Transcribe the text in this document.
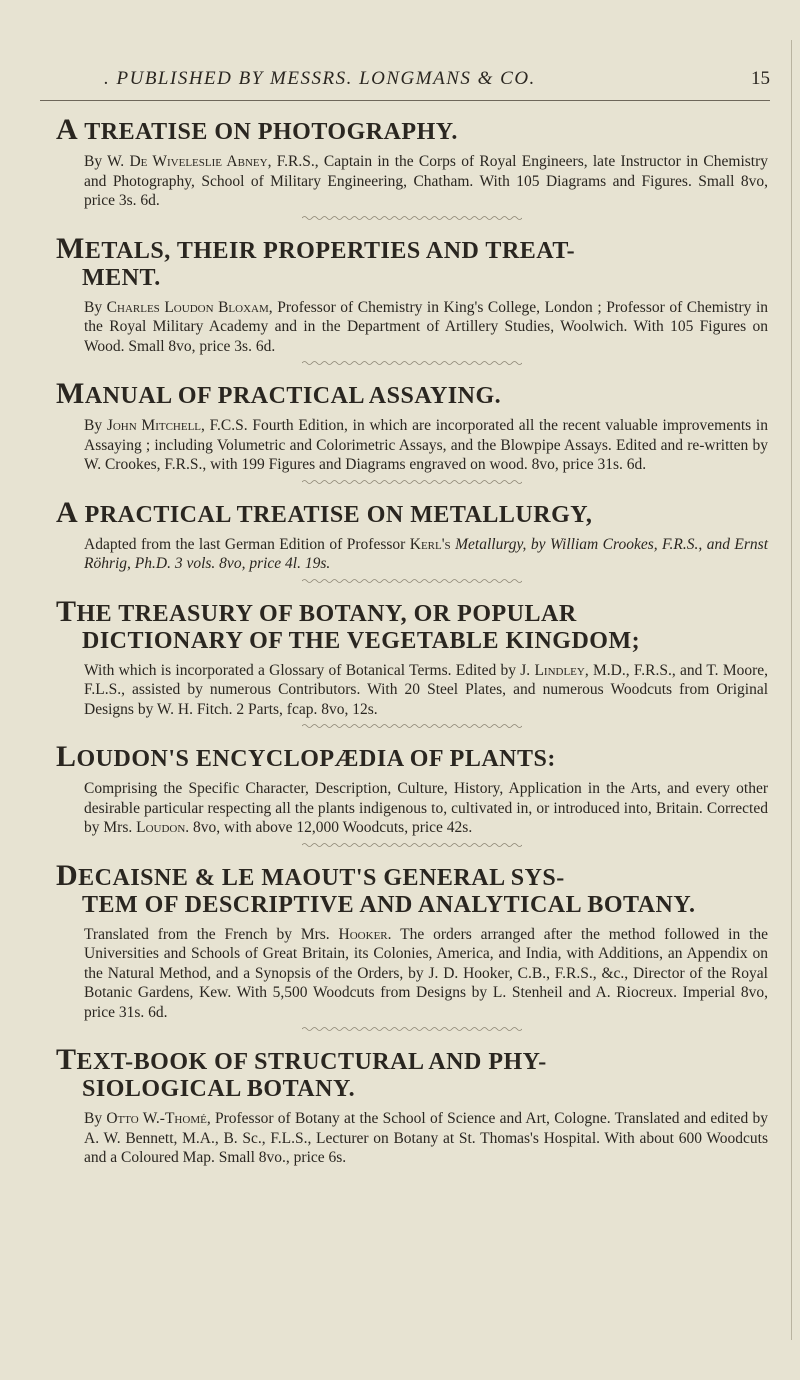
. PUBLISHED BY MESSRS. LONGMANS & CO.	15
A TREATISE ON PHOTOGRAPHY.

By W. De Wiveleslie Abney, F.R.S., Captain in the Corps of Royal Engineers, late Instructor in Chemistry and Photography, School of Military Engineering, Chatham. With 105 Diagrams and Figures. Small 8vo, price 3s. 6d.

METALS, THEIR PROPERTIES AND TREAT-
MENT.

By Charles Loudon Bloxam, Professor of Chemistry in King's College, London ; Professor of Chemistry in the Royal Military Academy and in the Department of Artillery Studies, Woolwich. With 105 Figures on Wood. Small 8vo, price 3s. 6d.

MANUAL OF PRACTICAL ASSAYING.

By John Mitchell, F.C.S. Fourth Edition, in which are incorporated all the recent valuable improvements in Assaying ; including Volumetric and Colorimetric Assays, and the Blowpipe Assays. Edited and re-written by W. Crookes, F.R.S., with 199 Figures and Diagrams engraved on wood. 8vo, price 31s. 6d.

A PRACTICAL TREATISE ON METALLURGY,

Adapted from the last German Edition of Professor Kerl's Metallurgy, by William Crookes, F.R.S., and Ernst Röhrig, Ph.D. 3 vols. 8vo, price 4l. 19s.

THE TREASURY OF BOTANY, OR POPULAR
DICTIONARY OF THE VEGETABLE KINGDOM;

With which is incorporated a Glossary of Botanical Terms. Edited by J. Lindley, M.D., F.R.S., and T. Moore, F.L.S., assisted by numerous Contributors. With 20 Steel Plates, and numerous Woodcuts from Original Designs by W. H. Fitch. 2 Parts, fcap. 8vo, 12s.

LOUDON'S ENCYCLOPÆDIA OF PLANTS:

Comprising the Specific Character, Description, Culture, History, Application in the Arts, and every other desirable particular respecting all the plants indigenous to, cultivated in, or introduced into, Britain. Corrected by Mrs. Loudon. 8vo, with above 12,000 Woodcuts, price 42s.

DECAISNE & LE MAOUT'S GENERAL SYS-
TEM OF DESCRIPTIVE AND ANALYTICAL BOTANY.

Translated from the French by Mrs. Hooker. The orders arranged after the method followed in the Universities and Schools of Great Britain, its Colonies, America, and India, with Additions, an Appendix on the Natural Method, and a Synopsis of the Orders, by J. D. Hooker, C.B., F.R.S., &c., Director of the Royal Botanic Gardens, Kew. With 5,500 Woodcuts from Designs by L. Stenheil and A. Riocreux. Imperial 8vo, price 31s. 6d.

TEXT-BOOK OF STRUCTURAL AND PHY-
SIOLOGICAL BOTANY.

By Otto W.-Thomé, Professor of Botany at the School of Science and Art, Cologne. Translated and edited by A. W. Bennett, M.A., B. Sc., F.L.S., Lecturer on Botany at St. Thomas's Hospital. With about 600 Woodcuts and a Coloured Map. Small 8vo., price 6s.
